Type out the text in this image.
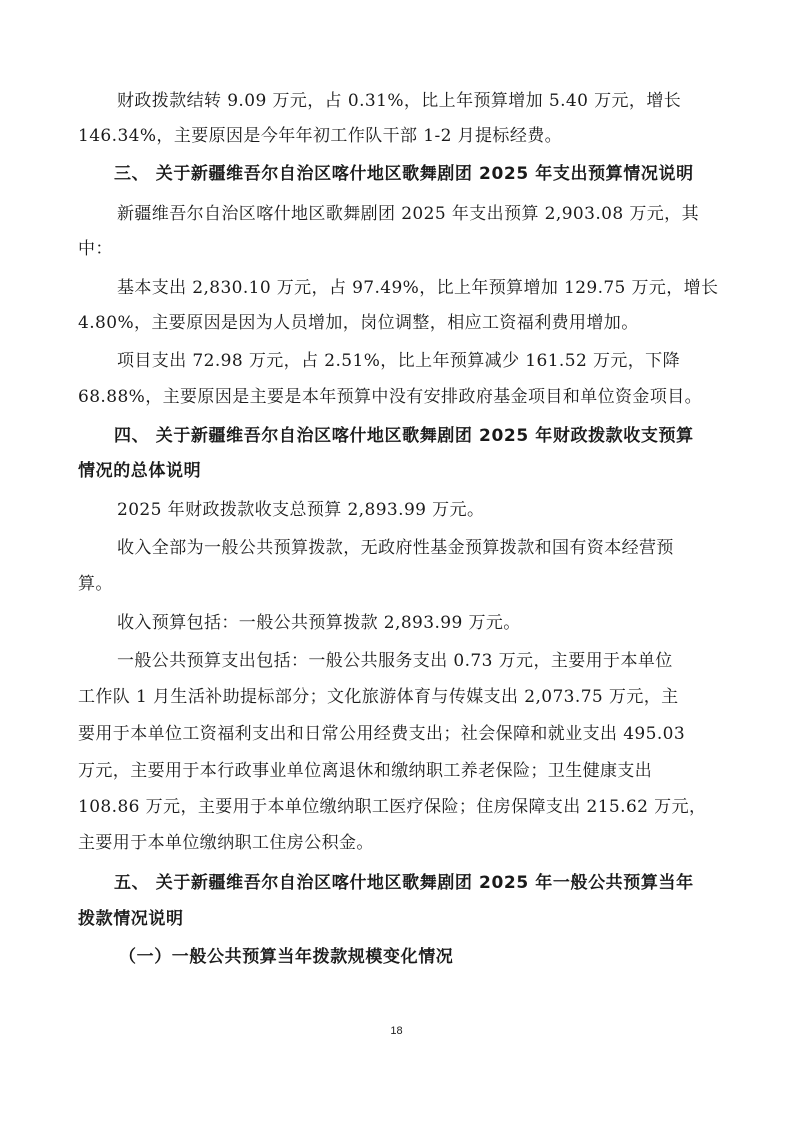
财政拨款结转 9.09 万元，占 0.31%，比上年预算增加 5.40 万元，增长
146.34%，主要原因是今年年初工作队干部 1-2 月提标经费。
三、 关于新疆维吾尔自治区喀什地区歌舞剧团 2025 年支出预算情况说明
新疆维吾尔自治区喀什地区歌舞剧团 2025 年支出预算 2,903.08 万元，其
中：
基本支出 2,830.10 万元，占 97.49%，比上年预算增加 129.75 万元，增长
4.80%，主要原因是因为人员增加，岗位调整，相应工资福利费用增加。
项目支出 72.98 万元，占 2.51%，比上年预算减少 161.52 万元，下降
68.88%，主要原因是主要是本年预算中没有安排政府基金项目和单位资金项目。
四、 关于新疆维吾尔自治区喀什地区歌舞剧团 2025 年财政拨款收支预算
情况的总体说明
2025 年财政拨款收支总预算 2,893.99 万元。
收入全部为一般公共预算拨款，无政府性基金预算拨款和国有资本经营预
算。
收入预算包括：一般公共预算拨款 2,893.99 万元。
一般公共预算支出包括：一般公共服务支出 0.73 万元，主要用于本单位
工作队 1 月生活补助提标部分；文化旅游体育与传媒支出 2,073.75 万元，主
要用于本单位工资福利支出和日常公用经费支出；社会保障和就业支出 495.03
万元，主要用于本行政事业单位离退休和缴纳职工养老保险；卫生健康支出
108.86 万元，主要用于本单位缴纳职工医疗保险；住房保障支出 215.62 万元，
主要用于本单位缴纳职工住房公积金。
五、 关于新疆维吾尔自治区喀什地区歌舞剧团 2025 年一般公共预算当年
拨款情况说明
（一）一般公共预算当年拨款规模变化情况
18
